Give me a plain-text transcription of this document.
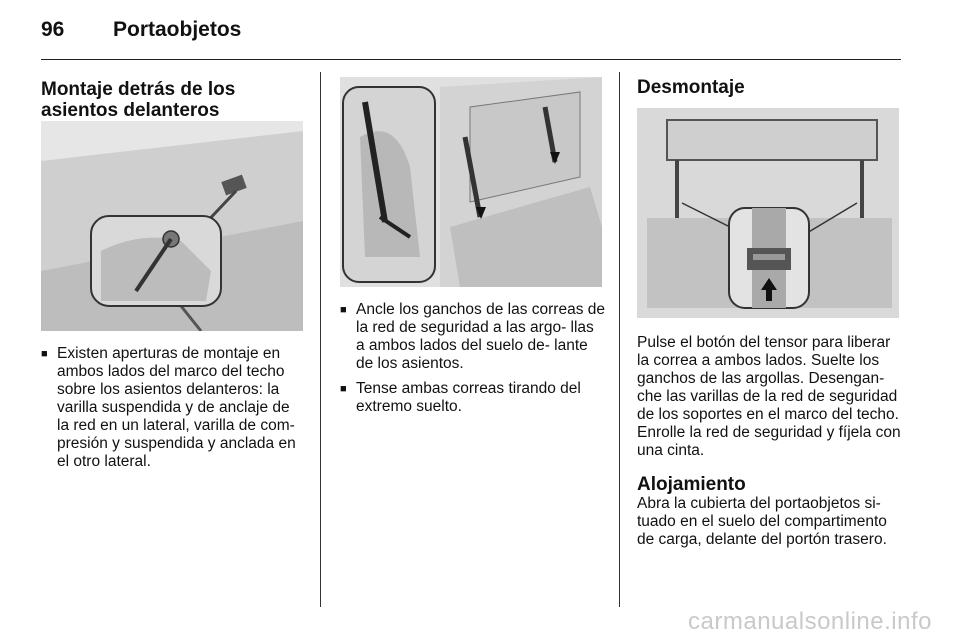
96 Portaobjetos
Montaje detrás de los asientos delanteros
■ Existen aperturas de montaje en ambos lados del marco del techo sobre los asientos delanteros: la varilla suspendida y de anclaje de la red en un lateral, varilla de com- presión y suspendida y anclada en el otro lateral.
■ Ancle los ganchos de las correas de la red de seguridad a las argo- llas a ambos lados del suelo de- lante de los asientos.
■ Tense ambas correas tirando del extremo suelto.
Desmontaje

Pulse el botón del tensor para liberar la correa a ambos lados. Suelte los ganchos de las argollas. Desengan- che las varillas de la red de seguridad de los soportes en el marco del techo. Enrolle la red de seguridad y fíjela con una cinta.

Alojamiento

Abra la cubierta del portaobjetos si- tuado en el suelo del compartimento de carga, delante del portón trasero.

carmanualsonline.info
